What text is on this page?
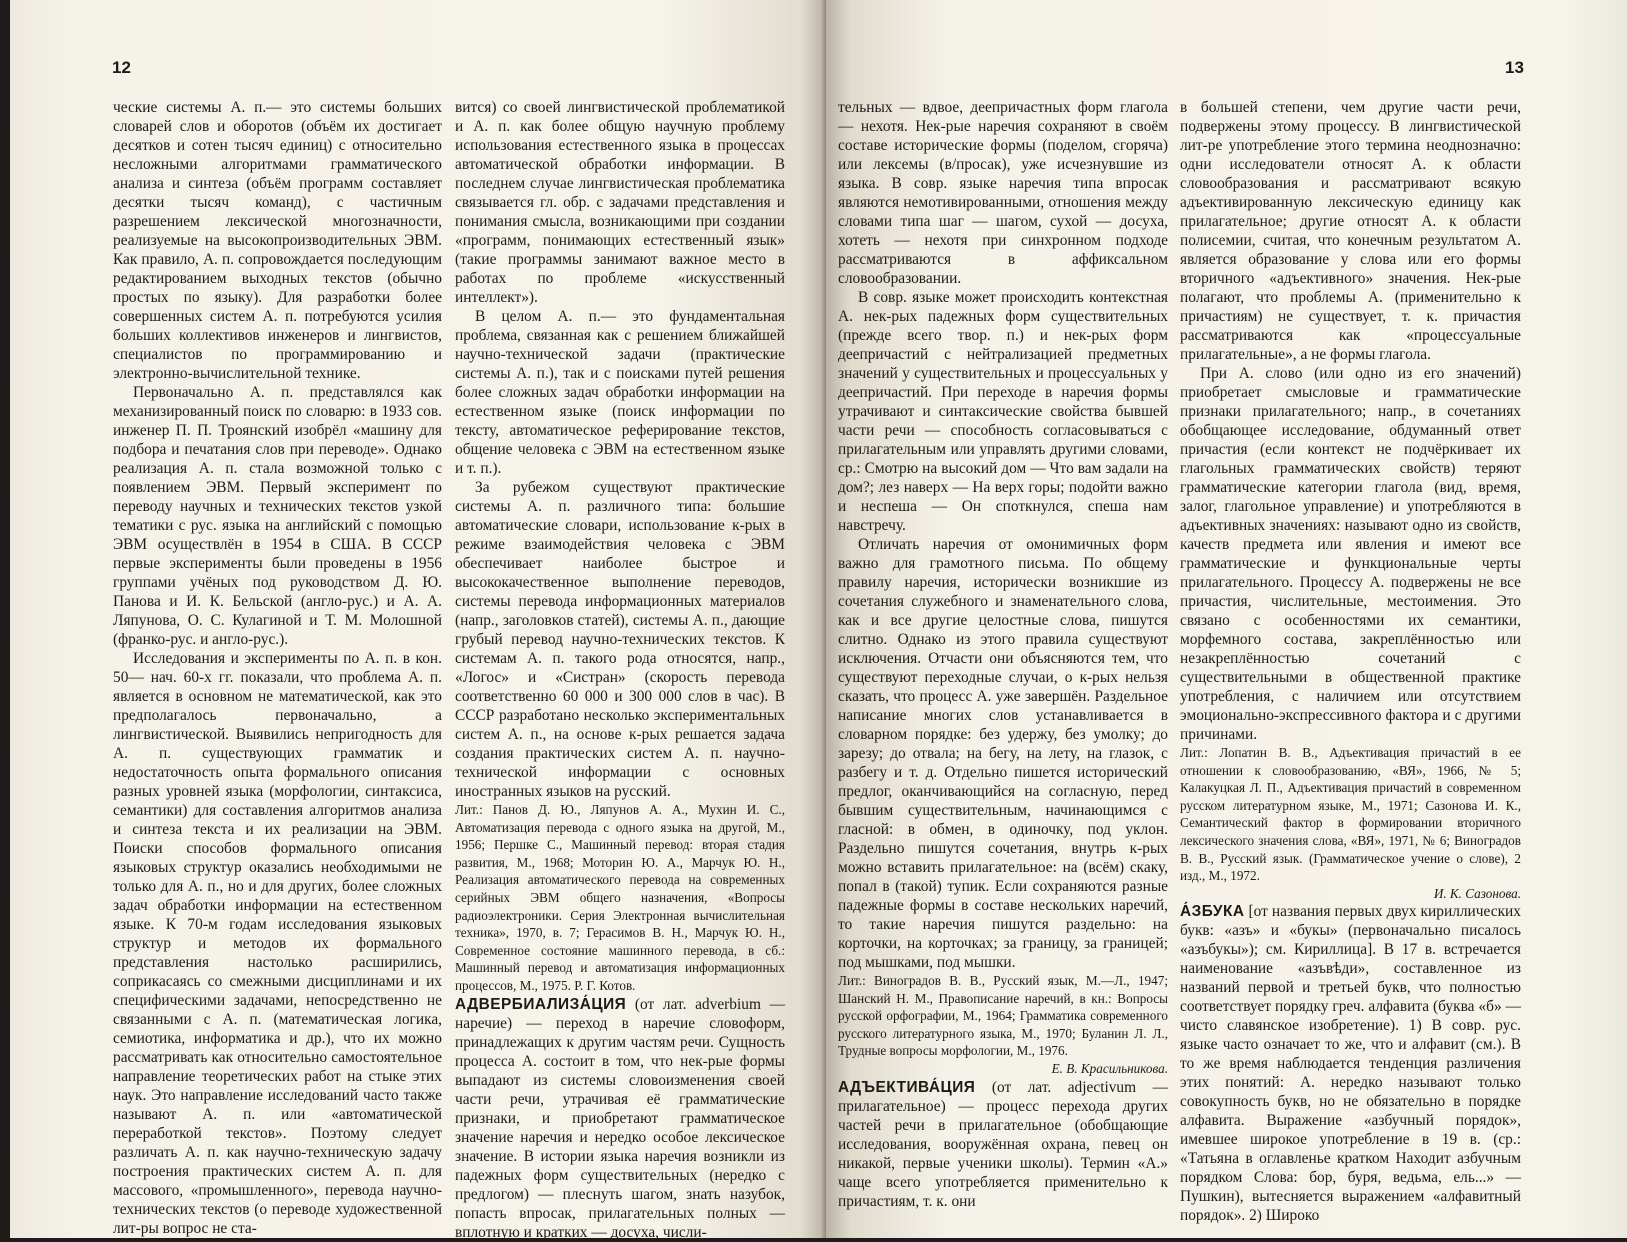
12

ческие системы А. п.— это системы больших словарей слов и оборотов (объём их достигает десятков и сотен тысяч единиц) с относительно несложными алгоритмами грамматического анализа и синтеза (объём программ составляет десятки тысяч команд), с частичным разрешением лексической многозначности, реализуемые на высокопроизводительных ЭВМ. Как правило, А. п. сопровождается последующим редактированием выходных текстов (обычно простых по языку). Для разработки более совершенных систем А. п. потребуются усилия больших коллективов инженеров и лингвистов, специалистов по программированию и электронно-вычислительной технике.

Первоначально А. п. представлялся как механизированный поиск по словарю: в 1933 сов. инженер П. П. Троянский изобрёл «машину для подбора и печатания слов при переводе». Однако реализация А. п. стала возможной только с появлением ЭВМ. Первый эксперимент по переводу научных и технических текстов узкой тематики с рус. языка на английский с помощью ЭВМ осуществлён в 1954 в США. В СССР первые эксперименты были проведены в 1956 группами учёных под руководством Д. Ю. Панова и И. К. Бельской (англо-рус.) и А. А. Ляпунова, О. С. Кулагиной и Т. М. Молошной (франко-рус. и англо-рус.).

Исследования и эксперименты по А. п. в кон. 50— нач. 60-х гг. показали, что проблема А. п. является в основном не математической, как это предполагалось первоначально, а лингвистической. Выявились непригодность для А. п. существующих грамматик и недостаточность опыта формального описания разных уровней языка (морфологии, синтаксиса, семантики) для составления алгоритмов анализа и синтеза текста и их реализации на ЭВМ. Поиски способов формального описания языковых структур оказались необходимыми не только для А. п., но и для других, более сложных задач обработки информации на естественном языке. К 70-м годам исследования языковых структур и методов их формального представления настолько расширились, соприкасаясь со смежными дисциплинами и их специфическими задачами, непосредственно не связанными с А. п. (математическая логика, семиотика, информатика и др.), что их можно рассматривать как относительно самостоятельное направление теоретических работ на стыке этих наук. Это направление исследований часто также называют А. п. или «автоматической переработкой текстов». Поэтому следует различать А. п. как научно-техническую задачу построения практических систем А. п. для массового, «промышленного», перевода научно-технических текстов (о переводе художественной лит-ры вопрос не ста-

вится) со своей лингвистической проблематикой и А. п. как более общую научную проблему использования естественного языка в процессах автоматической обработки информации. В последнем случае лингвистическая проблематика связывается гл. обр. с задачами представления и понимания смысла, возникающими при создании «программ, понимающих естественный язык» (такие программы занимают важное место в работах по проблеме «искусственный интеллект»).

В целом А. п.— это фундаментальная проблема, связанная как с решением ближайшей научно-технической задачи (практические системы А. п.), так и с поисками путей решения более сложных задач обработки информации на естественном языке (поиск информации по тексту, автоматическое реферирование текстов, общение человека с ЭВМ на естественном языке и т. п.).

За рубежом существуют практические системы А. п. различного типа: большие автоматические словари, использование к-рых в режиме взаимодействия человека с ЭВМ обеспечивает наиболее быстрое и высококачественное выполнение переводов, системы перевода информационных материалов (напр., заголовков статей), системы А. п., дающие грубый перевод научно-технических текстов. К системам А. п. такого рода относятся, напр., «Логос» и «Систран» (скорость перевода соответственно 60 000 и 300 000 слов в час). В СССР разработано несколько экспериментальных систем А. п., на основе к-рых решается задача создания практических систем А. п. научно-технической информации с основных иностранных языков на русский.

Лит.: Панов Д. Ю., Ляпунов А. А., Мухин И. С., Автоматизация перевода с одного языка на другой, М., 1956; Першке С., Машинный перевод: вторая стадия развития, М., 1968; Моторин Ю. А., Марчук Ю. Н., Реализация автоматического перевода на современных серийных ЭВМ общего назначения, «Вопросы радиоэлектроники. Серия Электронная вычислительная техника», 1970, в. 7; Герасимов В. Н., Марчук Ю. Н., Современное состояние машинного перевода, в сб.: Машинный перевод и автоматизация информационных процессов, М., 1975. Р. Г. Котов.

АДВЕРБИАЛИЗА́ЦИЯ (от лат. adverbium — наречие) — переход в наречие словоформ, принадлежащих к другим частям речи. Сущность процесса А. состоит в том, что нек-рые формы выпадают из системы словоизменения своей части речи, утрачивая её грамматические признаки, и приобретают грамматическое значение наречия и нередко особое лексическое значение. В истории языка наречия возникли из падежных форм существительных (нередко с предлогом) — плеснуть шагом, знать назубок, попасть впросак, прилагательных полных — вплотную и кратких — досуха, числи-

13

тельных — вдвое, деепричастных форм глагола — нехотя. Нек-рые наречия сохраняют в своём составе исторические формы (поделом, сгоряча) или лексемы (в/просак), уже исчезнувшие из языка. В совр. языке наречия типа впросак являются немотивированными, отношения между словами типа шаг — шагом, сухой — досуха, хотеть — нехотя при синхронном подходе рассматриваются в аффиксальном словообразовании.

В совр. языке может происходить контекстная А. нек-рых падежных форм существительных (прежде всего твор. п.) и нек-рых форм деепричастий с нейтрализацией предметных значений у существительных и процессуальных у деепричастий. При переходе в наречия формы утрачивают и синтаксические свойства бывшей части речи — способность согласовываться с прилагательным или управлять другими словами, ср.: Смотрю на высокий дом — Что вам задали на дом?; лез наверх — На верх горы; подойти важно и неспеша — Он споткнулся, спеша нам навстречу.

Отличать наречия от омонимичных форм важно для грамотного письма. По общему правилу наречия, исторически возникшие из сочетания служебного и знаменательного слова, как и все другие целостные слова, пишутся слитно. Однако из этого правила существуют исключения. Отчасти они объясняются тем, что существуют переходные случаи, о к-рых нельзя сказать, что процесс А. уже завершён. Раздельное написание многих слов устанавливается в словарном порядке: без удержу, без умолку; до зарезу; до отвала; на бегу, на лету, на глазок, с разбегу и т. д. Отдельно пишется исторический предлог, оканчивающийся на согласную, перед бывшим существительным, начинающимся с гласной: в обмен, в одиночку, под уклон. Раздельно пишутся сочетания, внутрь к-рых можно вставить прилагательное: на (всём) скаку, попал в (такой) тупик. Если сохраняются разные падежные формы в составе нескольких наречий, то такие наречия пишутся раздельно: на корточки, на корточках; за границу, за границей; под мышками, под мышки.

Лит.: Виноградов В. В., Русский язык, М.—Л., 1947; Шанский Н. М., Правописание наречий, в кн.: Вопросы русской орфографии, М., 1964; Грамматика современного русского литературного языка, М., 1970; Буланин Л. Л., Трудные вопросы морфологии, М., 1976.

Е. В. Красильникова.

АДЪЕКТИВА́ЦИЯ (от лат. adjectivum — прилагательное) — процесс перехода других частей речи в прилагательное (обобщающие исследования, вооружённая охрана, певец он никакой, первые ученики школы). Термин «А.» чаще всего употребляется применительно к причастиям, т. к. они

в большей степени, чем другие части речи, подвержены этому процессу. В лингвистической лит-ре употребление этого термина неоднозначно: одни исследователи относят А. к области словообразования и рассматривают всякую адъективированную лексическую единицу как прилагательное; другие относят А. к области полисемии, считая, что конечным результатом А. является образование у слова или его формы вторичного «адъективного» значения. Нек-рые полагают, что проблемы А. (применительно к причастиям) не существует, т. к. причастия рассматриваются как «процессуальные прилагательные», а не формы глагола.

При А. слово (или одно из его значений) приобретает смысловые и грамматические признаки прилагательного; напр., в сочетаниях обобщающее исследование, обдуманный ответ причастия (если контекст не подчёркивает их глагольных грамматических свойств) теряют грамматические категории глагола (вид, время, залог, глагольное управление) и употребляются в адъективных значениях: называют одно из свойств, качеств предмета или явления и имеют все грамматические и функциональные черты прилагательного. Процессу А. подвержены не все причастия, числительные, местоимения. Это связано с особенностями их семантики, морфемного состава, закреплённостью или незакреплённостью сочетаний с существительными в общественной практике употребления, с наличием или отсутствием эмоционально-экспрессивного фактора и с другими причинами.

Лит.: Лопатин В. В., Адъективация причастий в ее отношении к словообразованию, «ВЯ», 1966, № 5; Калакуцкая Л. П., Адъективация причастий в современном русском литературном языке, М., 1971; Сазонова И. К., Семантический фактор в формировании вторичного лексического значения слова, «ВЯ», 1971, № 6; Виноградов В. В., Русский язык. (Грамматическое учение о слове), 2 изд., М., 1972.

И. К. Сазонова.

А́ЗБУКА [от названия первых двух кириллических букв: «азъ» и «букы» (первоначально писалось «азъбукы»); см. Кириллица]. В 17 в. встречается наименование «азъвѣди», составленное из названий первой и третьей букв, что полностью соответствует порядку греч. алфавита (буква «б» — чисто славянское изобретение). 1) В совр. рус. языке часто означает то же, что и алфавит (см.). В то же время наблюдается тенденция различения этих понятий: А. нередко называют только совокупность букв, но не обязательно в порядке алфавита. Выражение «азбучный порядок», имевшее широкое употребление в 19 в. (ср.: «Татьяна в оглавленье кратком Находит азбучным порядком Слова: бор, буря, ведьма, ель...» — Пушкин), вытесняется выражением «алфавитный порядок». 2) Широко
